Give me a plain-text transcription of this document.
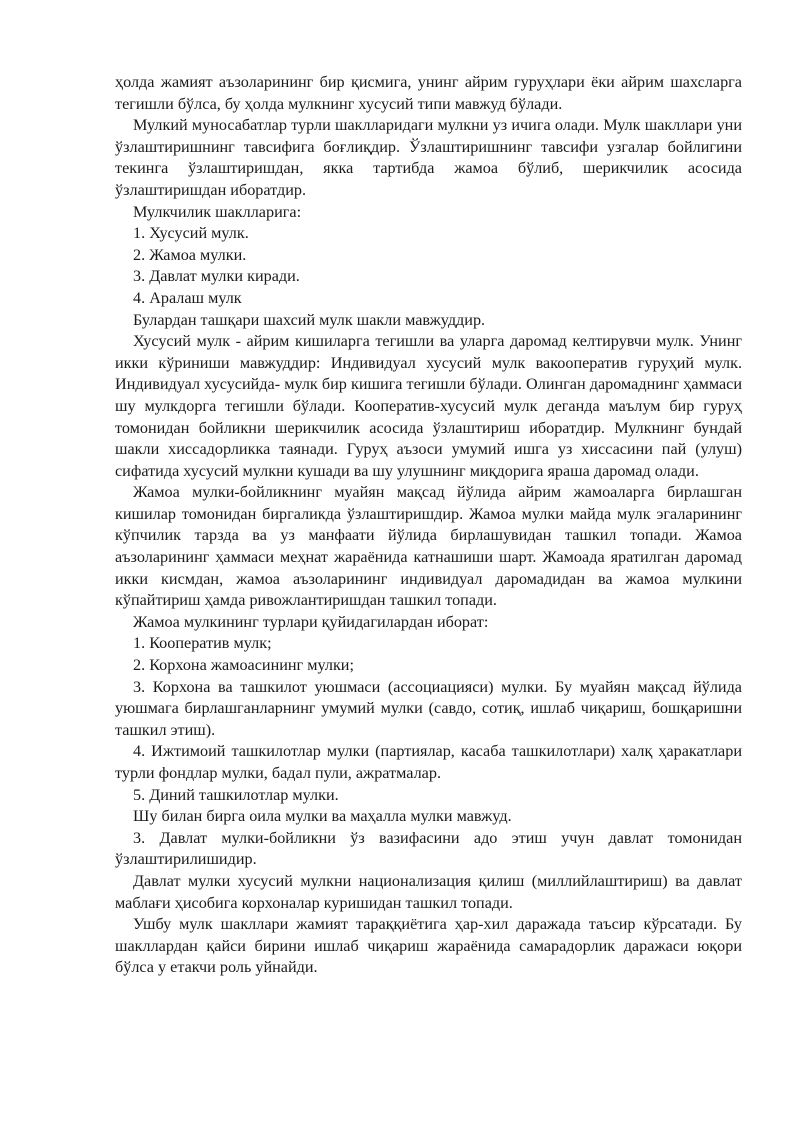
ҳолда жамият аъзоларининг бир қисмига, унинг айрим гуруҳлари ёки айрим шахсларга тегишли бўлса, бу ҳолда мулкнинг хусусий типи мавжуд бўлади.

Мулкий муносабатлар турли шаклларидаги мулкни уз ичига олади. Мулк шакллари уни ўзлаштиришнинг тавсифига боғлиқдир. Ўзлаштиришнинг тавсифи узгалар бойлигини текинга ўзлаштиришдан, якка тартибда жамоа бўлиб, шерикчилик асосида ўзлаштиришдан иборатдир.

Мулкчилик шаклларига:

1. Хусусий мулк.

2. Жамоа мулки.

3. Давлат мулки киради.

4. Аралаш мулк

Булардан ташқари шахсий мулк шакли мавжуддир.

Хусусий мулк - айрим кишиларга тегишли ва уларга даромад келтирувчи мулк. Унинг икки кўриниши мавжуддир: Индивидуал хусусий мулк вакооператив гуруҳий мулк. Индивидуал хусусийда- мулк бир кишига тегишли бўлади. Олинган даромаднинг ҳаммаси шу мулкдорга тегишли бўлади. Кооператив-хусусий мулк деганда маълум бир гуруҳ томонидан бойликни шерикчилик асосида ўзлаштириш иборатдир. Мулкнинг бундай шакли хиссадорликка таянади. Гуруҳ аъзоси умумий ишга уз хиссасини пай (улуш) сифатида хусусий мулкни кушади ва шу улушнинг миқдорига яраша даромад олади.

Жамоа мулки-бойликнинг муайян мақсад йўлида айрим жамоаларга бирлашган кишилар томонидан биргаликда ўзлаштиришдир. Жамоа мулки майда мулк эгаларининг кўпчилик тарзда ва уз манфаати йўлида бирлашувидан ташкил топади. Жамоа аъзоларининг ҳаммаси меҳнат жараёнида катнашиши шарт. Жамоада яратилган даромад икки кисмдан, жамоа аъзоларининг индивидуал даромадидан ва жамоа мулкини кўпайтириш ҳамда ривожлантиришдан ташкил топади.

Жамоа мулкининг турлари қуйидагилардан иборат:

1. Кооператив мулк;

2. Корхона жамоасининг мулки;

3. Корхона ва ташкилот уюшмаси (ассоциацияси) мулки. Бу муайян мақсад йўлида уюшмага бирлашганларнинг умумий мулки (савдо, сотиқ, ишлаб чиқариш, бошқаришни ташкил этиш).

4. Ижтимоий ташкилотлар мулки (партиялар, касаба ташкилотлари) халқ ҳаракатлари турли фондлар мулки, бадал пули, ажратмалар.

5. Диний ташкилотлар мулки.

Шу билан бирга оила мулки ва маҳалла мулки мавжуд.

3. Давлат мулки-бойликни ўз вазифасини адо этиш учун давлат томонидан ўзлаштирилишидир.

Давлат мулки хусусий мулкни национализация қилиш (миллийлаштириш) ва давлат маблағи ҳисобига корхоналар куришидан ташкил топади.

Ушбу мулк шакллари жамият тараққиётига ҳар-хил даражада таъсир кўрсатади. Бу шакллардан қайси бирини ишлаб чиқариш жараёнида самарадорлик даражаси юқори бўлса у етакчи роль уйнайди.
